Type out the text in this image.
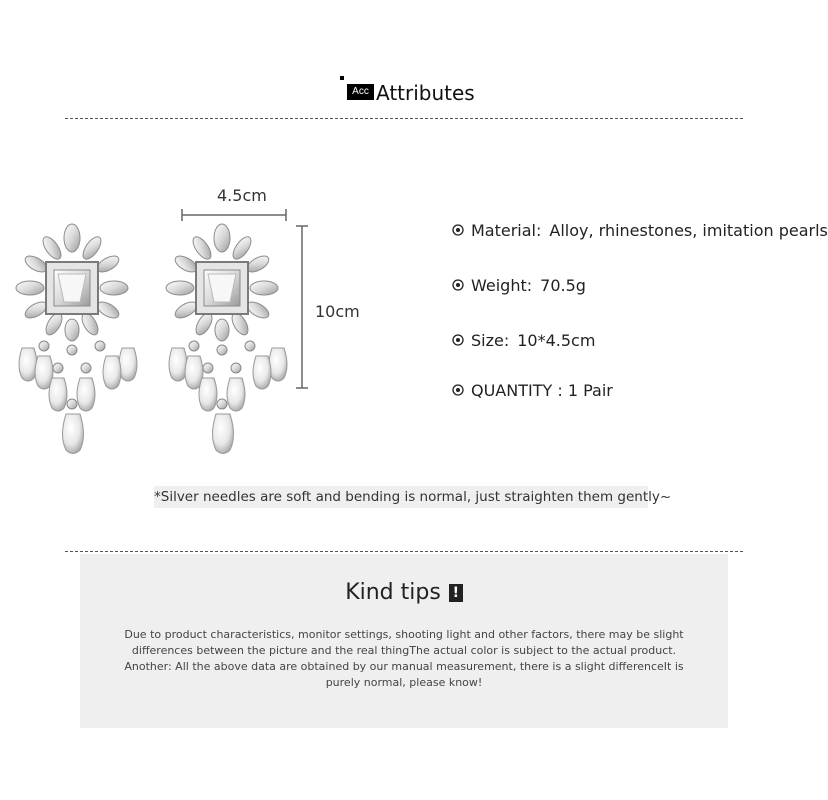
Acc Attributes
4.5cm
10cm
Material: Alloy, rhinestones, imitation pearls
Weight: 70.5g
Size: 10*4.5cm
QUANTITY : 1 Pair
*Silver needles are soft and bending is normal, just straighten them gently~
Kind tips !
Due to product characteristics, monitor settings, shooting light and other factors, there may be slight differences between the picture and the real thingThe actual color is subject to the actual product. Another: All the above data are obtained by our manual measurement, there is a slight differenceIt is purely normal, please know!
